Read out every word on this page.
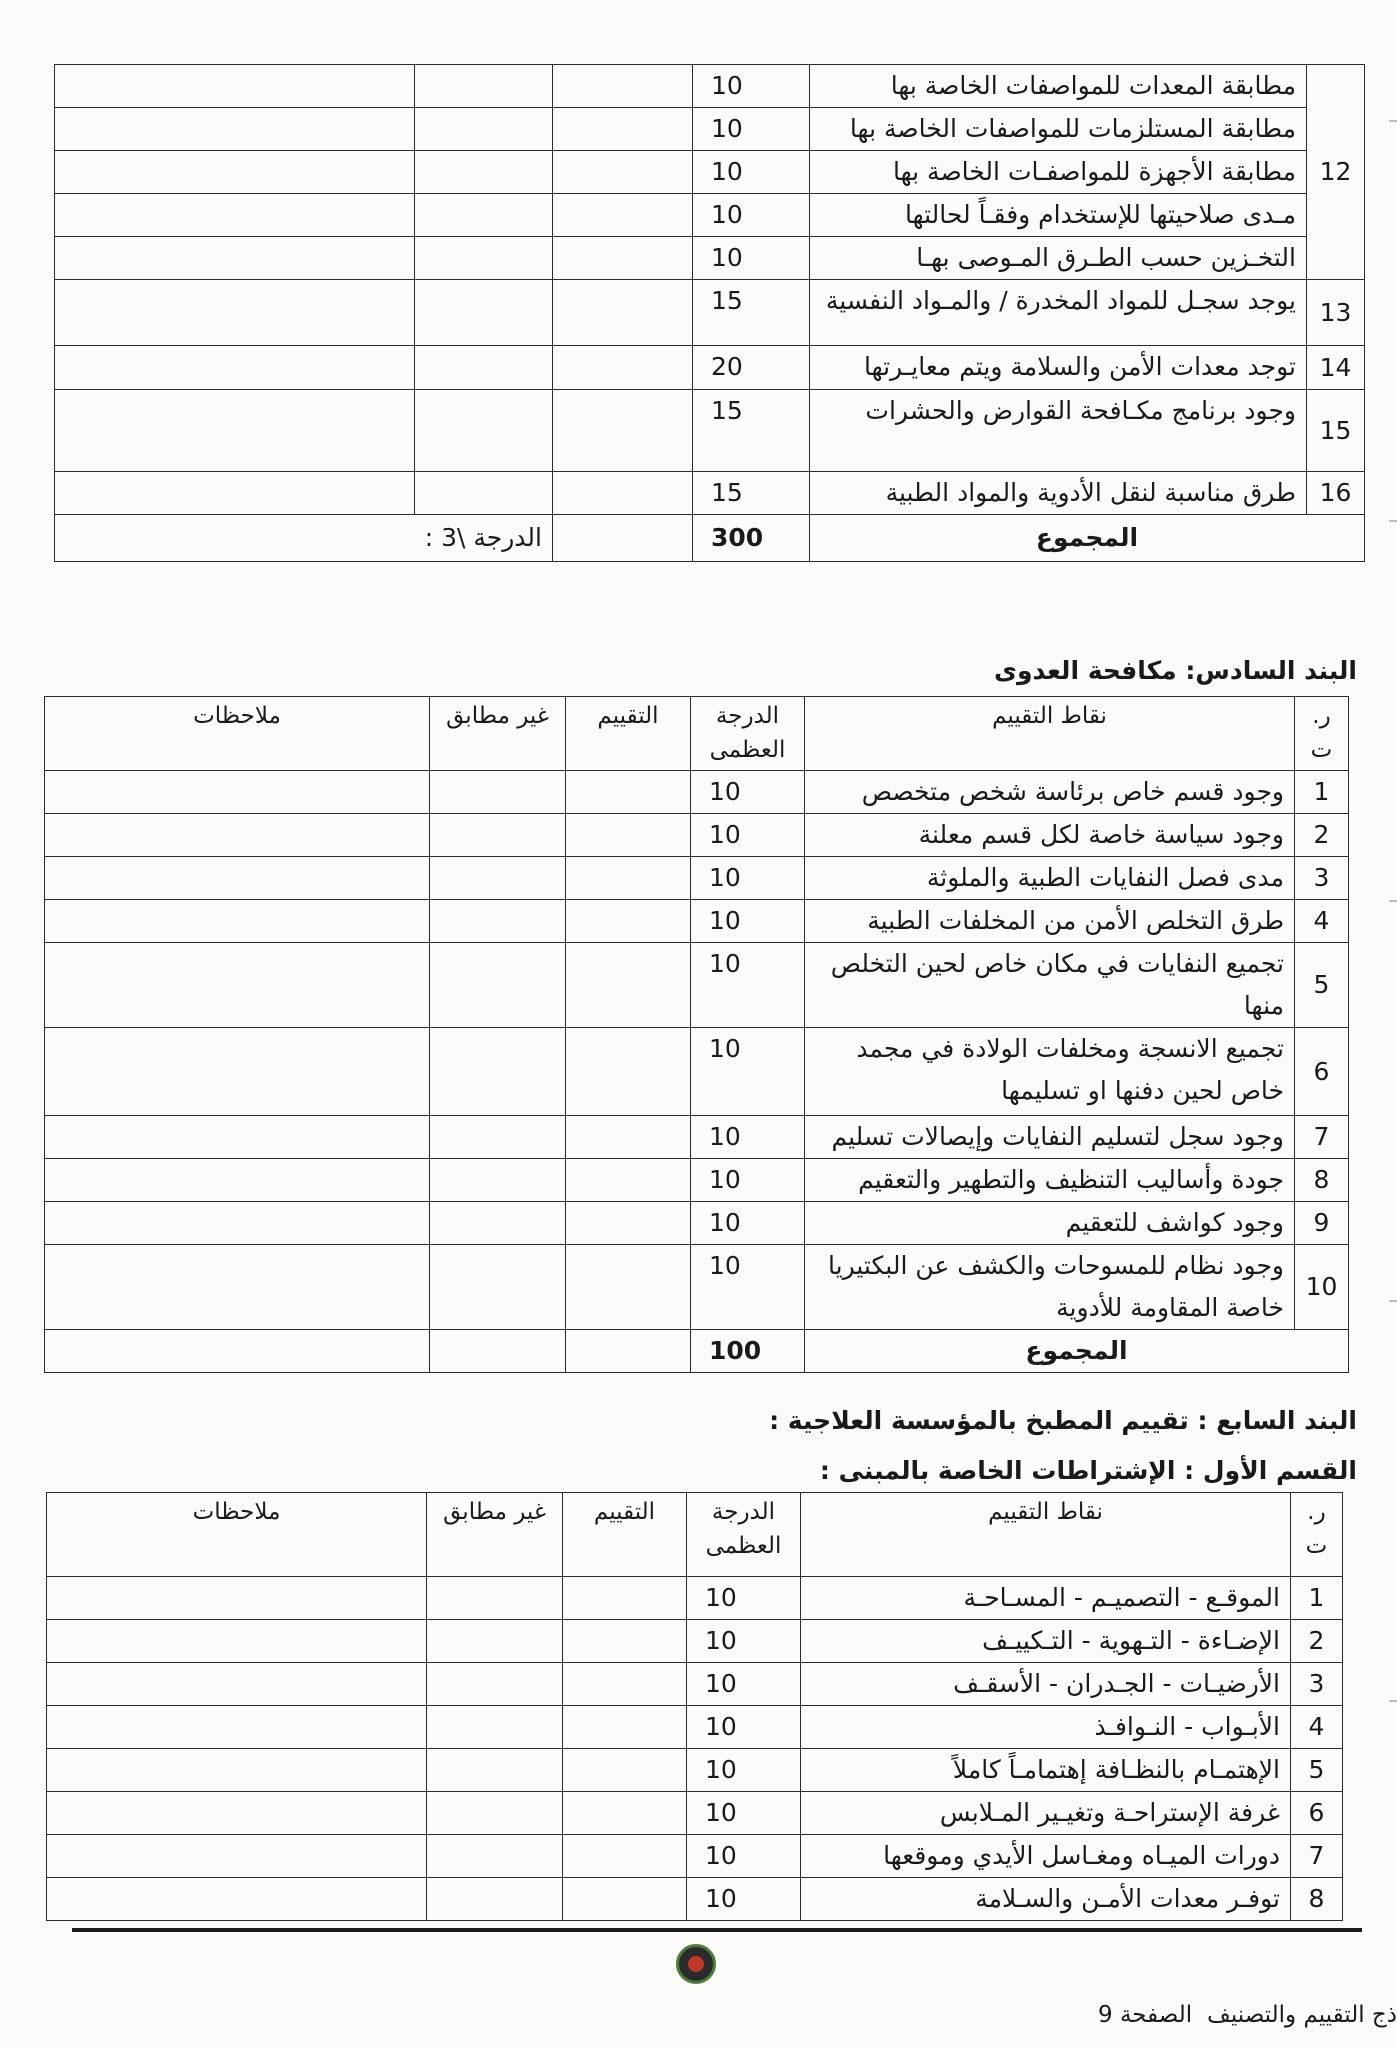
12	مطابقة المعدات للمواصفات الخاصة بها	10			
	مطابقة المستلزمات للمواصفات الخاصة بها	10			
	مطابقة الأجهزة للمواصفـات الخاصة بها	10			
	مـدى صلاحيتها للإستخدام وفقـاً لحالتها	10			
	التخـزين حسب الطـرق المـوصى بهـا	10			
13	يوجد سجـل للمواد المخدرة / والمـواد النفسية	15			
14	توجد معدات الأمن والسلامة ويتم معايـرتها	20			
15	وجود برنامج مكـافحة القوارض والحشرات	15			
16	طرق مناسبة لنقل الأدوية والمواد الطبية	15			
المجموع		300		الدرجة \3 :	
البند السادس: مكافحة العدوى
ر. ت	نقاط التقييم	الدرجة العظمى	التقييم	غير مطابق	ملاحظات
1	وجود قسم خاص برئاسة شخص متخصص	10			
2	وجود سياسة خاصة لكل قسم معلنة	10			
3	مدى فصل النفايات الطبية والملوثة	10			
4	طرق التخلص الأمن من المخلفات الطبية	10			
5	تجميع النفايات في مكان خاص لحين التخلص منها	10			
6	تجميع الانسجة ومخلفات الولادة في مجمد خاص لحين دفنها او تسليمها	10			
7	وجود سجل لتسليم النفايات وإيصالات تسليم	10			
8	جودة وأساليب التنظيف والتطهير والتعقيم	10			
9	وجود كواشف للتعقيم	10			
10	وجود نظام للمسوحات والكشف عن البكتيريا خاصة المقاومة للأدوية	10			
المجموع		100			
البند السابع : تقييم المطبخ بالمؤسسة العلاجية :
القسم الأول : الإشتراطات الخاصة بالمبنى :
ر. ت	نقاط التقييم	الدرجة العظمى	التقييم	غير مطابق	ملاحظات
1	الموقـع - التصميـم - المسـاحـة	10			
2	الإضـاءة - التـهوية - التـكييـف	10			
3	الأرضيـات - الجـدران - الأسقـف	10			
4	الأبـواب - النـوافـذ	10			
5	الإهتمـام بالنظـافة إهتمامـاً كاملاً	10			
6	غرفة الإستراحـة وتغيـير المـلابس	10			
7	دورات الميـاه ومغـاسل الأيدي وموقعها	10			
8	توفـر معدات الأمـن والسـلامة	10			
ذج التقييم والتصنيف
الصفحة 9
